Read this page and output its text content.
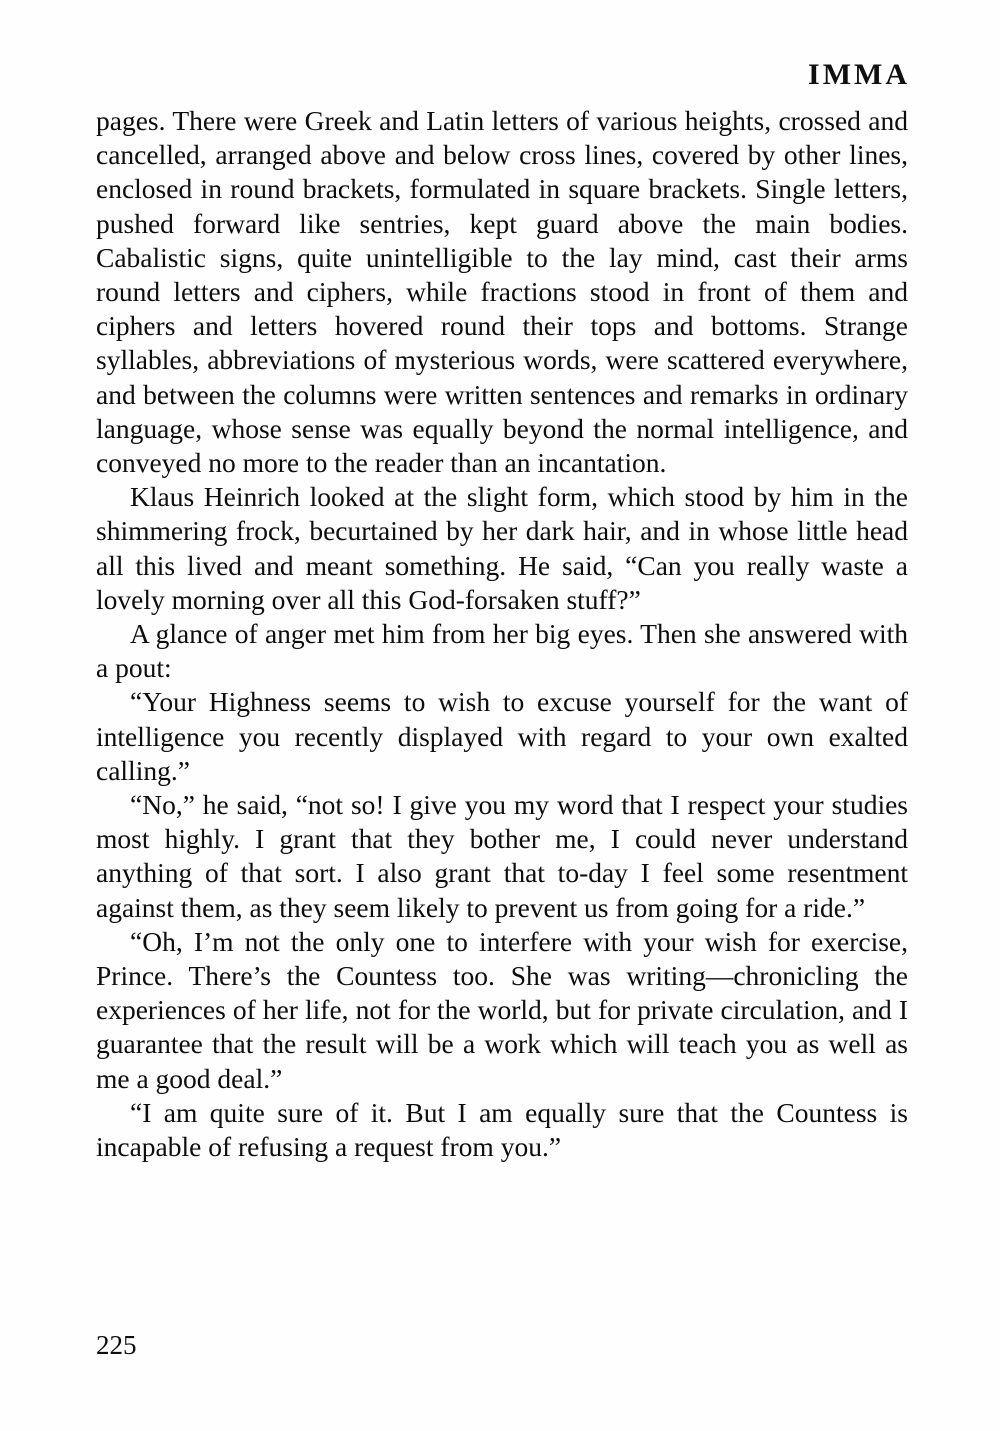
IMMA

pages. There were Greek and Latin letters of various heights, crossed and cancelled, arranged above and below cross lines, covered by other lines, enclosed in round brackets, formulated in square brackets. Single letters, pushed forward like sentries, kept guard above the main bodies. Cabalistic signs, quite unintelligible to the lay mind, cast their arms round letters and ciphers, while fractions stood in front of them and ciphers and letters hovered round their tops and bottoms. Strange syllables, abbreviations of mysterious words, were scattered everywhere, and between the columns were written sentences and remarks in ordinary language, whose sense was equally beyond the normal intelligence, and conveyed no more to the reader than an incantation.

Klaus Heinrich looked at the slight form, which stood by him in the shimmering frock, becurtained by her dark hair, and in whose little head all this lived and meant something. He said, “Can you really waste a lovely morning over all this God-forsaken stuff?”

A glance of anger met him from her big eyes. Then she answered with a pout:

“Your Highness seems to wish to excuse yourself for the want of intelligence you recently displayed with regard to your own exalted calling.”

“No,” he said, “not so! I give you my word that I respect your studies most highly. I grant that they bother me, I could never understand anything of that sort. I also grant that to-day I feel some resentment against them, as they seem likely to prevent us from going for a ride.”

“Oh, I’m not the only one to interfere with your wish for exercise, Prince. There’s the Countess too. She was writing—chronicling the experiences of her life, not for the world, but for private circulation, and I guarantee that the result will be a work which will teach you as well as me a good deal.”

“I am quite sure of it. But I am equally sure that the Countess is incapable of refusing a request from you.”

225
